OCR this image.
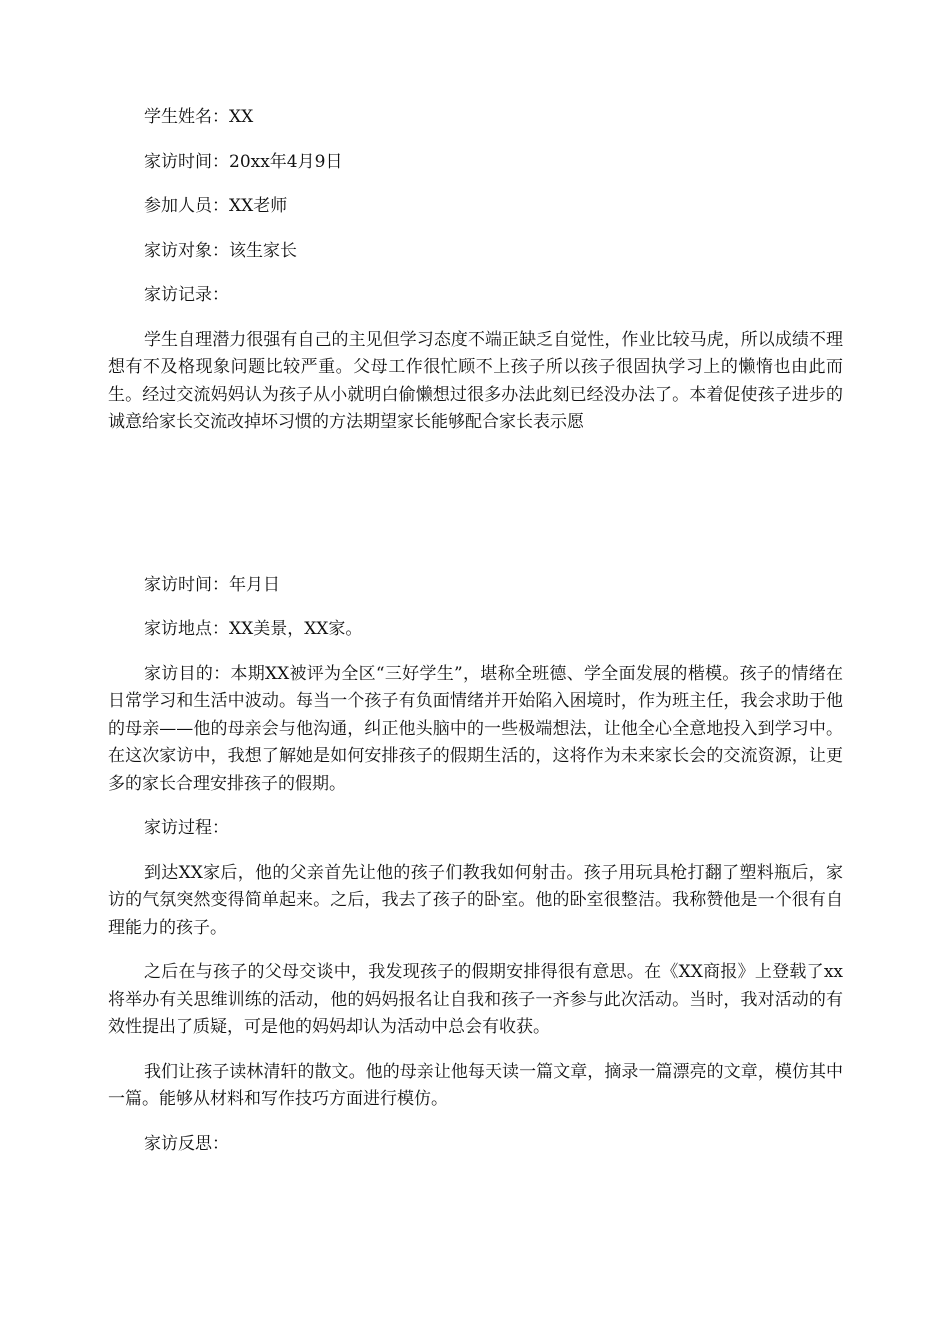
学生姓名：XX

家访时间：20xx年4月9日

参加人员：XX老师

家访对象：该生家长

家访记录：

学生自理潜力很强有自己的主见但学习态度不端正缺乏自觉性，作业比较马虎，所以成绩不理想有不及格现象问题比较严重。父母工作很忙顾不上孩子所以孩子很固执学习上的懒惰也由此而生。经过交流妈妈认为孩子从小就明白偷懒想过很多办法此刻已经没办法了。本着促使孩子进步的诚意给家长交流改掉坏习惯的方法期望家长能够配合家长表示愿

家访时间：年月日

家访地点：XX美景，XX家。

家访目的：本期XX被评为全区“三好学生”，堪称全班德、学全面发展的楷模。孩子的情绪在日常学习和生活中波动。每当一个孩子有负面情绪并开始陷入困境时，作为班主任，我会求助于他的母亲——他的母亲会与他沟通，纠正他头脑中的一些极端想法，让他全心全意地投入到学习中。在这次家访中，我想了解她是如何安排孩子的假期生活的，这将作为未来家长会的交流资源，让更多的家长合理安排孩子的假期。

家访过程：

到达XX家后，他的父亲首先让他的孩子们教我如何射击。孩子用玩具枪打翻了塑料瓶后，家访的气氛突然变得简单起来。之后，我去了孩子的卧室。他的卧室很整洁。我称赞他是一个很有自理能力的孩子。

之后在与孩子的父母交谈中，我发现孩子的假期安排得很有意思。在《XX商报》上登载了xx将举办有关思维训练的活动，他的妈妈报名让自我和孩子一齐参与此次活动。当时，我对活动的有效性提出了质疑，可是他的妈妈却认为活动中总会有收获。

我们让孩子读林清轩的散文。他的母亲让他每天读一篇文章，摘录一篇漂亮的文章，模仿其中一篇。能够从材料和写作技巧方面进行模仿。

家访反思：
